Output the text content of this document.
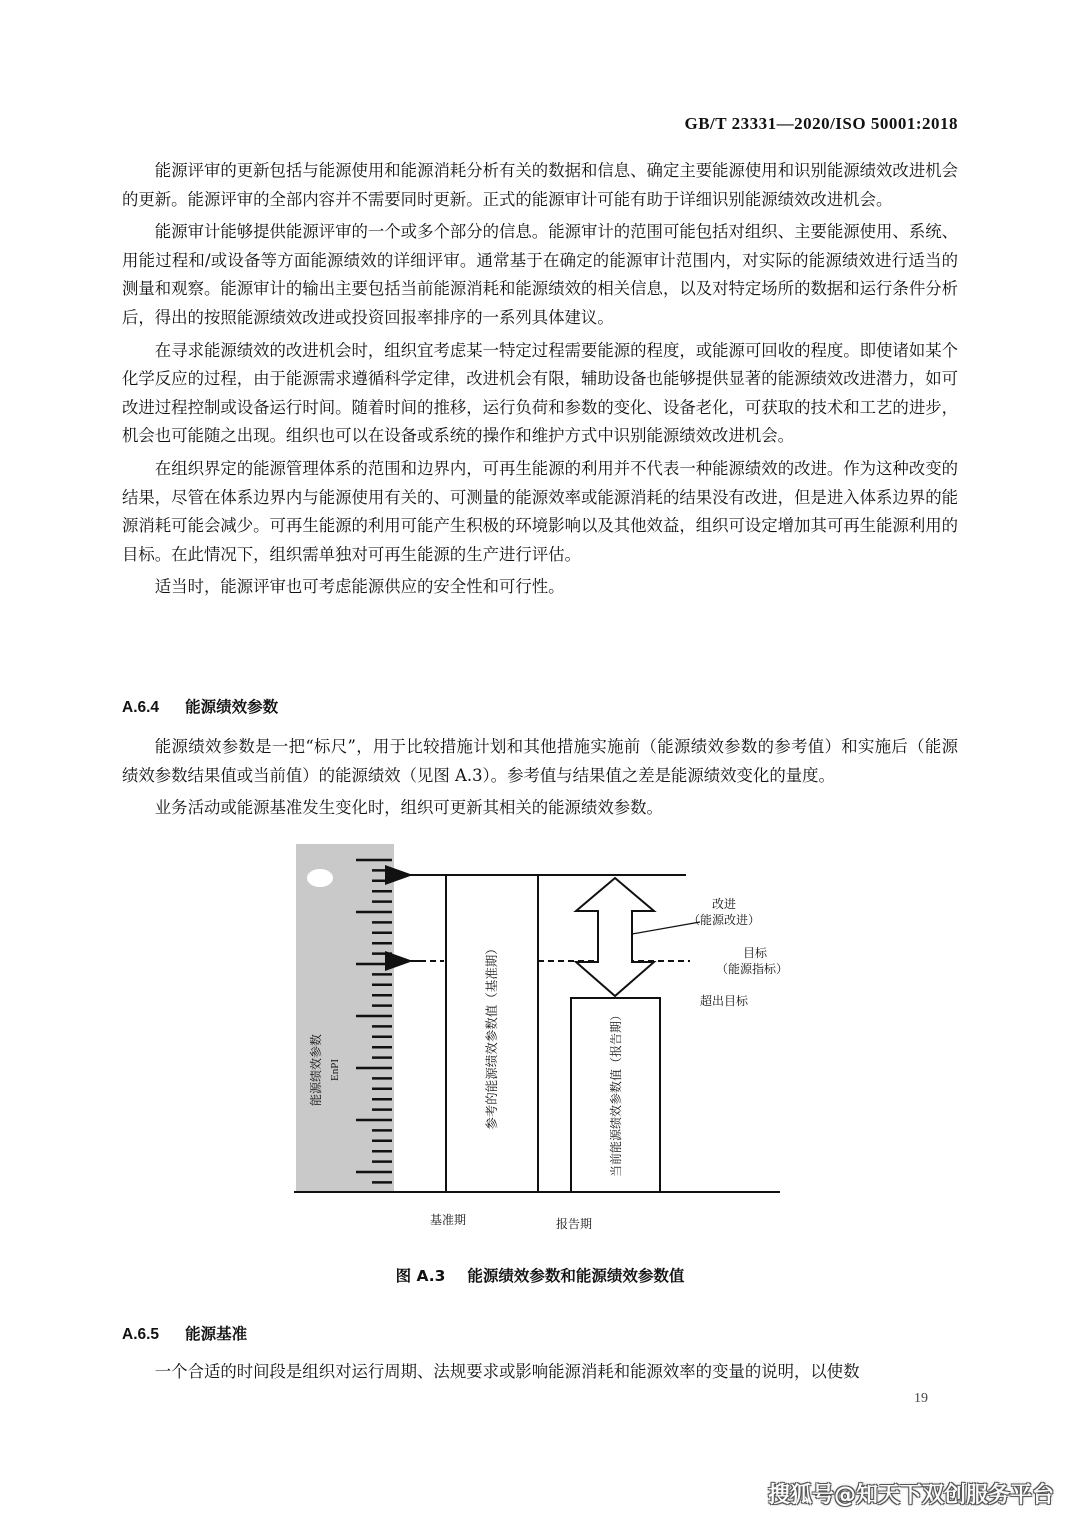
GB/T 23331—2020/ISO 50001:2018

能源评审的更新包括与能源使用和能源消耗分析有关的数据和信息、确定主要能源使用和识别能源绩效改进机会的更新。能源评审的全部内容并不需要同时更新。正式的能源审计可能有助于详细识别能源绩效改进机会。

能源审计能够提供能源评审的一个或多个部分的信息。能源审计的范围可能包括对组织、主要能源使用、系统、用能过程和/或设备等方面能源绩效的详细评审。通常基于在确定的能源审计范围内，对实际的能源绩效进行适当的测量和观察。能源审计的输出主要包括当前能源消耗和能源绩效的相关信息，以及对特定场所的数据和运行条件分析后，得出的按照能源绩效改进或投资回报率排序的一系列具体建议。

在寻求能源绩效的改进机会时，组织宜考虑某一特定过程需要能源的程度，或能源可回收的程度。即使诸如某个化学反应的过程，由于能源需求遵循科学定律，改进机会有限，辅助设备也能够提供显著的能源绩效改进潜力，如可改进过程控制或设备运行时间。随着时间的推移，运行负荷和参数的变化、设备老化，可获取的技术和工艺的进步，机会也可能随之出现。组织也可以在设备或系统的操作和维护方式中识别能源绩效改进机会。

在组织界定的能源管理体系的范围和边界内，可再生能源的利用并不代表一种能源绩效的改进。作为这种改变的结果，尽管在体系边界内与能源使用有关的、可测量的能源效率或能源消耗的结果没有改进，但是进入体系边界的能源消耗可能会减少。可再生能源的利用可能产生积极的环境影响以及其他效益，组织可设定增加其可再生能源利用的目标。在此情况下，组织需单独对可再生能源的生产进行评估。

适当时，能源评审也可考虑能源供应的安全性和可行性。

A.6.4 能源绩效参数

能源绩效参数是一把“标尺”，用于比较措施计划和其他措施实施前（能源绩效参数的参考值）和实施后（能源绩效参数结果值或当前值）的能源绩效（见图 A.3）。参考值与结果值之差是能源绩效变化的量度。

业务活动或能源基准发生变化时，组织可更新其相关的能源绩效参数。

能源绩效参数 EnPI	参考的能源绩效参数值（基准期）	当前能源绩效参数值（报告期）
改进
（能源改进）
目标
（能源指标）
超出目标
基准期	报告期
图 A.3 能源绩效参数和能源绩效参数值
A.6.5 能源基准

一个合适的时间段是组织对运行周期、法规要求或影响能源消耗和能源效率的变量的说明，以使数

19
搜狐号@知天下双创服务平台
